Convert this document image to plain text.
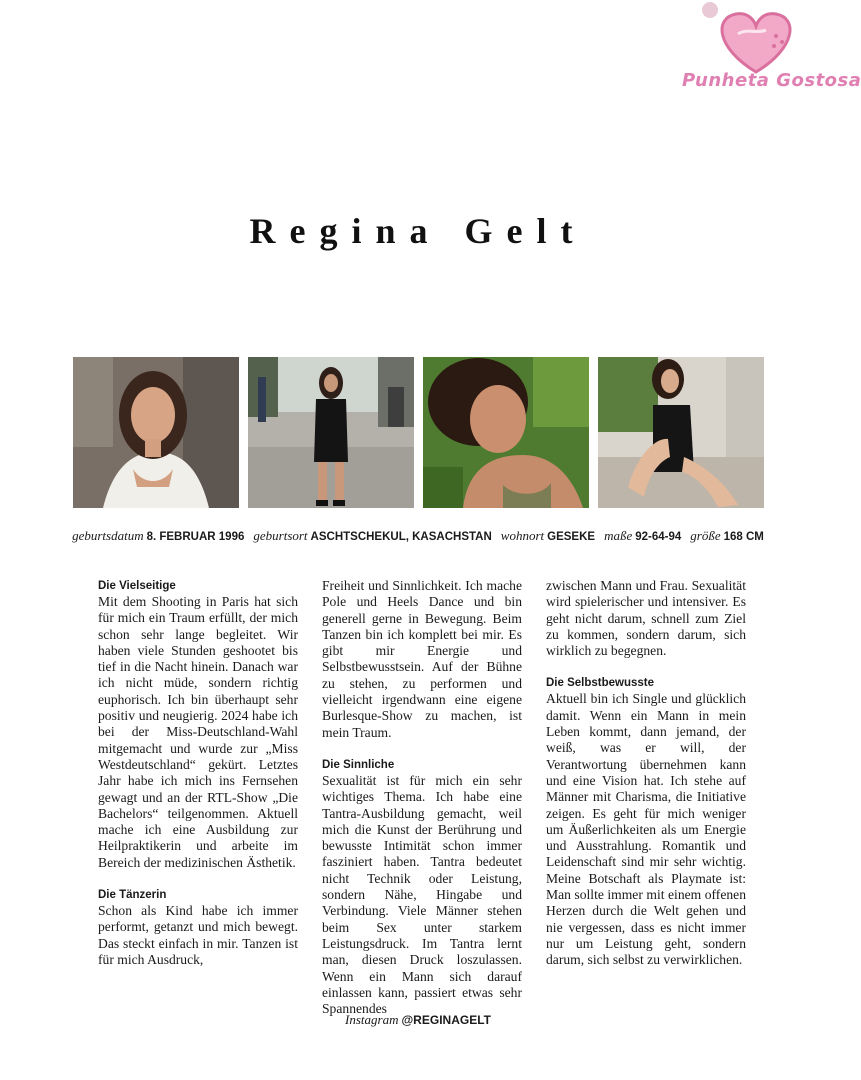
Punheta Gostosa
Regina Gelt
geburtsdatum 8. FEBRUAR 1996 geburtsort ASCHTSCHEKUL, KASACHSTAN wohnort GESEKE maße 92-64-94 größe 168 CM
Die Vielseitige

Mit dem Shooting in Paris hat sich für mich ein Traum erfüllt, der mich schon sehr lange begleitet. Wir haben viele Stunden geshootet bis tief in die Nacht hinein. Danach war ich nicht müde, sondern richtig euphorisch. Ich bin überhaupt sehr positiv und neugierig. 2024 habe ich bei der Miss-Deutschland-Wahl mitgemacht und wurde zur „Miss Westdeutschland“ gekürt. Letztes Jahr habe ich mich ins Fernsehen gewagt und an der RTL-Show „Die Bachelors“ teilgenommen. Aktuell mache ich eine Ausbildung zur Heilpraktikerin und arbeite im Bereich der medizinischen Ästhetik.

Die Tänzerin

Schon als Kind habe ich immer performt, getanzt und mich bewegt. Das steckt einfach in mir. Tanzen ist für mich Ausdruck,

Freiheit und Sinnlichkeit. Ich mache Pole und Heels Dance und bin generell gerne in Bewegung. Beim Tanzen bin ich komplett bei mir. Es gibt mir Energie und Selbstbewusstsein. Auf der Bühne zu stehen, zu performen und vielleicht irgendwann eine eigene Burlesque-Show zu machen, ist mein Traum.

Die Sinnliche

Sexualität ist für mich ein sehr wichtiges Thema. Ich habe eine Tantra-Ausbildung gemacht, weil mich die Kunst der Berührung und bewusste Intimität schon immer fasziniert haben. Tantra bedeutet nicht Technik oder Leistung, sondern Nähe, Hingabe und Verbindung. Viele Männer stehen beim Sex unter starkem Leistungsdruck. Im Tantra lernt man, diesen Druck loszulassen. Wenn ein Mann sich darauf einlassen kann, passiert etwas sehr Spannendes

zwischen Mann und Frau. Sexualität wird spielerischer und intensiver. Es geht nicht darum, schnell zum Ziel zu kommen, sondern darum, sich wirklich zu begegnen.

Die Selbstbewusste

Aktuell bin ich Single und glücklich damit. Wenn ein Mann in mein Leben kommt, dann jemand, der weiß, was er will, der Verantwortung übernehmen kann und eine Vision hat. Ich stehe auf Männer mit Charisma, die Initiative zeigen. Es geht für mich weniger um Äußerlichkeiten als um Energie und Ausstrahlung. Romantik und Leidenschaft sind mir sehr wichtig. Meine Botschaft als Playmate ist: Man sollte immer mit einem offenen Herzen durch die Welt gehen und nie vergessen, dass es nicht immer nur um Leistung geht, sondern darum, sich selbst zu verwirklichen.

Instagram @REGINAGELT
